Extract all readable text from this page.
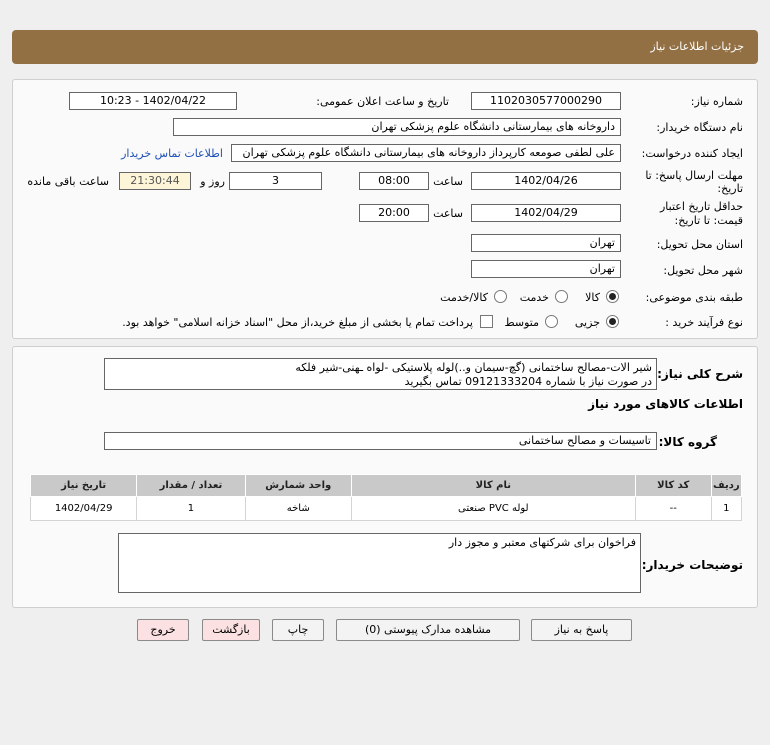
جزئیات اطلاعات نیاز
شماره نیاز:
1102030577000290
تاریخ و ساعت اعلان عمومی:
1402/04/22 - 10:23
نام دستگاه خریدار:
داروخانه های بیمارستانی دانشگاه علوم پزشکی تهران
ایجاد کننده درخواست:
علی لطفی صومعه کارپرداز داروخانه های بیمارستانی دانشگاه علوم پزشکی تهران
اطلاعات تماس خریدار
مهلت ارسال پاسخ: تا
تاریخ:
1402/04/26
ساعت
08:00
3
روز و
21:30:44
ساعت باقی مانده
حداقل تاریخ اعتبار
قیمت: تا تاریخ:
1402/04/29
ساعت
20:00
استان محل تحویل:
تهران
شهر محل تحویل:
تهران
طبقه بندی موضوعی:
کالا
خدمت
کالا/خدمت
نوع فرآیند خرید :
جزیی
متوسط
پرداخت تمام یا بخشی از مبلغ خرید،از محل "اسناد خزانه اسلامی" خواهد بود.
شرح کلی نیاز:
شیر الات-مصالح ساختمانی (گچ-سیمان و..)لوله پلاستیکی -لواه ـهنی-شیر فلکه
در صورت نیاز با شماره 09121333204 تماس بگیرید
اطلاعات کالاهای مورد نیاز
گروه کالا:
تاسیسات و مصالح ساختمانی
ردیف	کد کالا	نام کالا	واحد شمارش	تعداد / مقدار	تاریخ نیاز
1	--	لوله PVC صنعتی	شاخه	1	1402/04/29
توضیحات خریدار:
فراخوان برای شرکتهای معتبر و مجوز دار
پاسخ به نیاز
مشاهده مدارک پیوستی (0)
چاپ
بازگشت
خروج
